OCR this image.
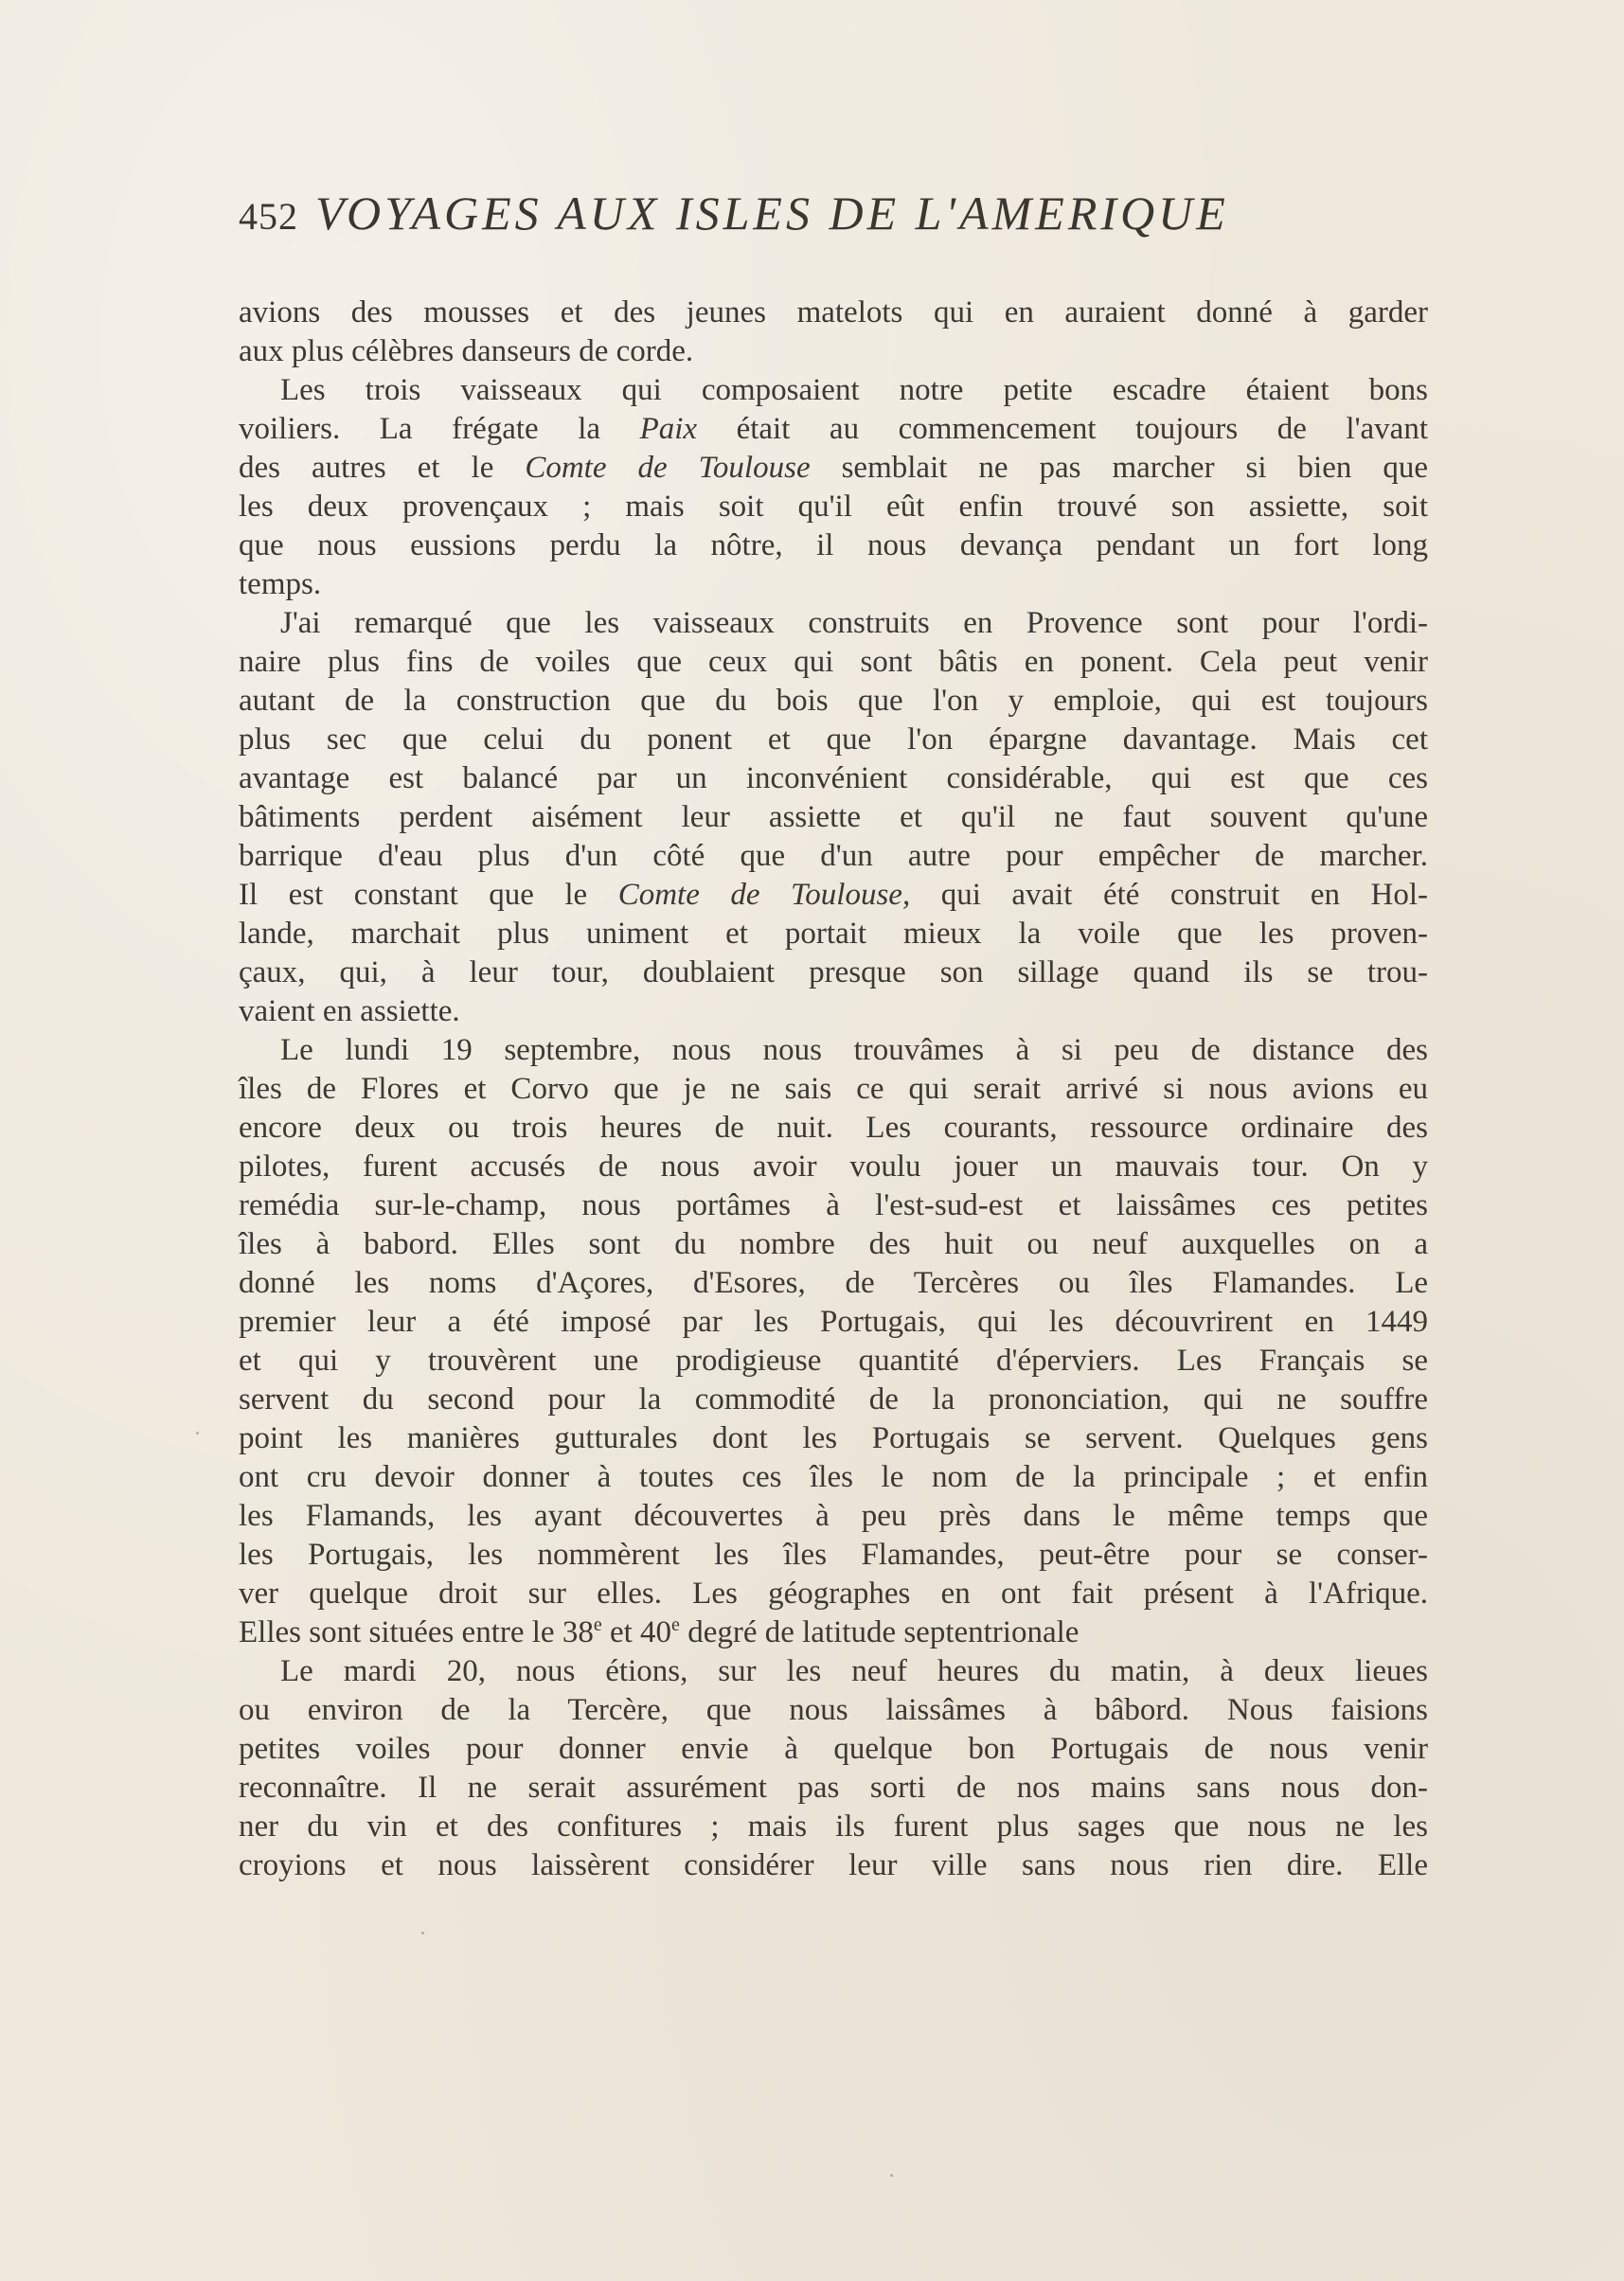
452 VOYAGES AUX ISLES DE L'AMERIQUE
avions des mousses et des jeunes matelots qui en auraient donné à garder
aux plus célèbres danseurs de corde.
Les trois vaisseaux qui composaient notre petite escadre étaient bons
voiliers. La frégate la Paix était au commencement toujours de l'avant
des autres et le Comte de Toulouse semblait ne pas marcher si bien que
les deux provençaux ; mais soit qu'il eût enfin trouvé son assiette, soit
que nous eussions perdu la nôtre, il nous devança pendant un fort long
temps.
J'ai remarqué que les vaisseaux construits en Provence sont pour l'ordi-
naire plus fins de voiles que ceux qui sont bâtis en ponent. Cela peut venir
autant de la construction que du bois que l'on y emploie, qui est toujours
plus sec que celui du ponent et que l'on épargne davantage. Mais cet
avantage est balancé par un inconvénient considérable, qui est que ces
bâtiments perdent aisément leur assiette et qu'il ne faut souvent qu'une
barrique d'eau plus d'un côté que d'un autre pour empêcher de marcher.
Il est constant que le Comte de Toulouse, qui avait été construit en Hol-
lande, marchait plus uniment et portait mieux la voile que les proven-
çaux, qui, à leur tour, doublaient presque son sillage quand ils se trou-
vaient en assiette.
Le lundi 19 septembre, nous nous trouvâmes à si peu de distance des
îles de Flores et Corvo que je ne sais ce qui serait arrivé si nous avions eu
encore deux ou trois heures de nuit. Les courants, ressource ordinaire des
pilotes, furent accusés de nous avoir voulu jouer un mauvais tour. On y
remédia sur-le-champ, nous portâmes à l'est-sud-est et laissâmes ces petites
îles à babord. Elles sont du nombre des huit ou neuf auxquelles on a
donné les noms d'Açores, d'Esores, de Tercères ou îles Flamandes. Le
premier leur a été imposé par les Portugais, qui les découvrirent en 1449
et qui y trouvèrent une prodigieuse quantité d'éperviers. Les Français se
servent du second pour la commodité de la prononciation, qui ne souffre
point les manières gutturales dont les Portugais se servent. Quelques gens
ont cru devoir donner à toutes ces îles le nom de la principale ; et enfin
les Flamands, les ayant découvertes à peu près dans le même temps que
les Portugais, les nommèrent les îles Flamandes, peut-être pour se conser-
ver quelque droit sur elles. Les géographes en ont fait présent à l'Afrique.
Elles sont situées entre le 38e et 40e degré de latitude septentrionale
Le mardi 20, nous étions, sur les neuf heures du matin, à deux lieues
ou environ de la Tercère, que nous laissâmes à bâbord. Nous faisions
petites voiles pour donner envie à quelque bon Portugais de nous venir
reconnaître. Il ne serait assurément pas sorti de nos mains sans nous don-
ner du vin et des confitures ; mais ils furent plus sages que nous ne les
croyions et nous laissèrent considérer leur ville sans nous rien dire. Elle
